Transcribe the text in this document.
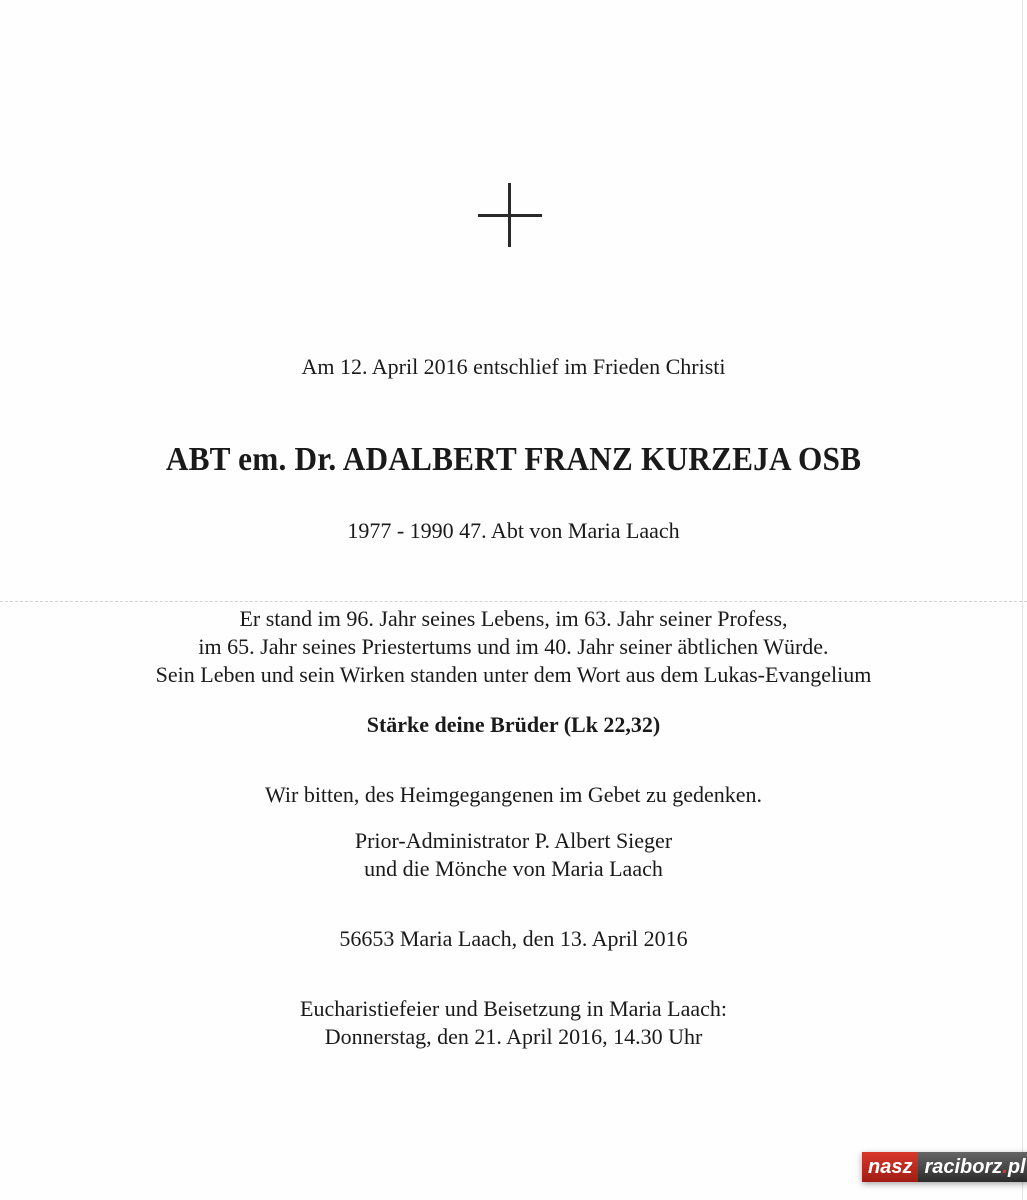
Am 12. April 2016 entschlief im Frieden Christi
ABT em. Dr. ADALBERT FRANZ KURZEJA OSB
1977 - 1990 47. Abt von Maria Laach
Er stand im 96. Jahr seines Lebens, im 63. Jahr seiner Profess,
im 65. Jahr seines Priestertums und im 40. Jahr seiner äbtlichen Würde.
Sein Leben und sein Wirken standen unter dem Wort aus dem Lukas-Evangelium
Stärke deine Brüder (Lk 22,32)
Wir bitten, des Heimgegangenen im Gebet zu gedenken.
Prior-Administrator P. Albert Sieger
und die Mönche von Maria Laach
56653 Maria Laach, den 13. April 2016
Eucharistiefeier und Beisetzung in Maria Laach:
Donnerstag, den 21. April 2016, 14.30 Uhr
nasz raciborz.pl
